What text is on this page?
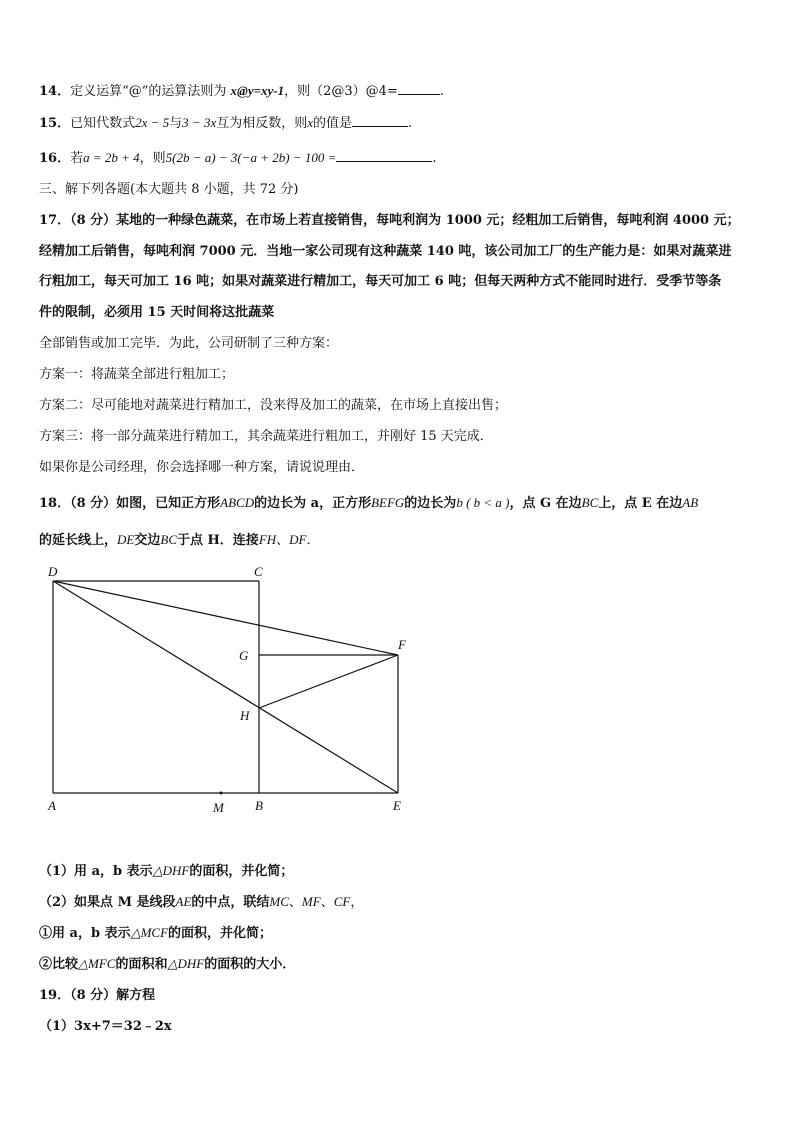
14．定义运算“@”的运算法则为 x@y=xy-1，则（2@3）@4=	.
15．已知代数式2x − 5与3 − 3x互为相反数，则x的值是	.
16．若a = 2b + 4，则5(2b − a) − 3(−a + 2b) − 100 =	.
三、解下列各题(本大题共 8 小题，共 72 分)
17．（8 分）某地的一种绿色蔬菜，在市场上若直接销售，每吨利润为 1000 元；经粗加工后销售，每吨利润 4000 元；
经精加工后销售，每吨利润 7000 元．当地一家公司现有这种蔬菜 140 吨，该公司加工厂的生产能力是：如果对蔬菜进
行粗加工，每天可加工 16 吨；如果对蔬菜进行精加工，每天可加工 6 吨；但每天两种方式不能同时进行．受季节等条
件的限制，必须用 15 天时间将这批蔬菜
全部销售或加工完毕．为此，公司研制了三种方案：
方案一：将蔬菜全部进行粗加工；
方案二：尽可能地对蔬菜进行精加工，没来得及加工的蔬菜，在市场上直接出售；
方案三：将一部分蔬菜进行精加工，其余蔬菜进行粗加工，并刚好 15 天完成．
如果你是公司经理，你会选择哪一种方案，请说说理由．
18．（8 分）如图，已知正方形ABCD的边长为 a，正方形BEFG的边长为b ( b < a )，点 G 在边BC上，点 E 在边AB
的延长线上，DE交边BC于点 H．连接FH、DF．
D	C
G
F
H
A	M B	E
（1）用 a，b 表示△DHF的面积，并化简；
（2）如果点 M 是线段AE的中点，联结MC、MF、CF，
①用 a，b 表示△MCF的面积，并化简；
②比较△MFC的面积和△DHF的面积的大小．
19．（8 分）解方程
（1）3x+7＝32﹣2x
